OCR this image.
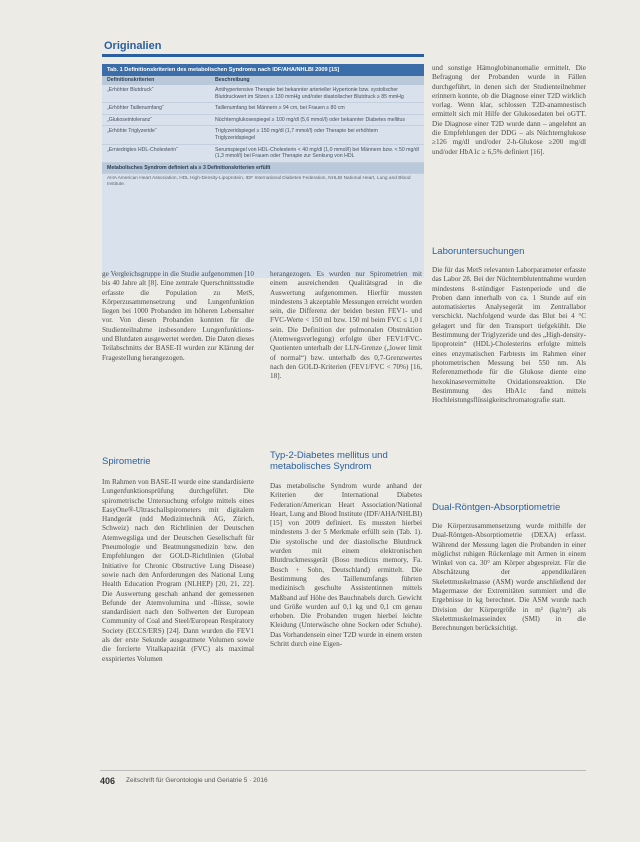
Originalien
Tab. 1 Definitionskriterien des metabolischen Syndroms nach IDF/AHA/NHLBI 2009 [15]
Definitionskriterien	Beschreibung
„Erhöhter Blutdruck“	Antihypertensive Therapie bei bekannter arterieller Hypertonie bzw. systolischer Blutdruckwert im Sitzen ≥ 130 mmHg und/oder diastolischer Blutdruck ≥ 85 mmHg
„Erhöhter Taillenumfang“	Taillenumfang bei Männern ≥ 94 cm, bei Frauen ≥ 80 cm
„Glukoseintoleranz“	Nüchternglukosespiegel ≥ 100 mg/dl (5,6 mmol/l) oder bekannter Diabetes mellitus
„Erhöhte Triglyzeride“	Triglyzeridspiegel ≥ 150 mg/dl (1,7 mmol/l) oder Therapie bei erhöhtem Triglyzeridspiegel
„Erniedrigtes HDL-Cholesterin“	Serumspiegel von HDL-Cholesterin < 40 mg/dl (1,0 mmol/l) bei Männern bzw. < 50 mg/dl (1,3 mmol/l) bei Frauen oder Therapie zur Senkung von HDL
Metabolisches Syndrom definiert als ≥ 3 Definitionskriterien erfüllt
AHA American Heart Association, HDL High-Density-Lipoprotein, IDF International Diabetes Federation, NHLBI National Heart, Lung and Blood Institute.

und sonstige Hämoglobinanomalie ermittelt. Die Befragung der Probanden wurde in Fällen durchgeführt, in denen sich der Studienteilnehmer erinnern konnte, ob die Diagnose einer T2D wirklich vorlag. Wenn klar, schlossen T2D-anamnestisch ermittelt sich mit Hilfe der Glukosedaten bei oGTT. Die Diagnose einer T2D wurde dann – angelehnt an die Empfehlungen der DDG – als Nüchternglukose ≥126 mg/dl und/oder 2-h-Glukose ≥200 mg/dl und/oder HbA1c ≥ 6,5% definiert [16].

Laboruntersuchungen

Die für das MetS relevanten Laborparameter erfasste das Labor 28. Bei der Nüchternblutentnahme wurden mindestens 8-stündiger Fastenperiode und die Proben dann innerhalb von ca. 1 Stunde auf ein automatisiertes Analysegerät im Zentrallabor verschickt. Nachfolgend wurde das Blut bei 4 °C gelagert und für den Transport tiefgekühlt. Die Bestimmung der Triglyzeride und des „High-density-lipoprotein“ (HDL)-Cholesterins erfolgte mittels eines enzymatischen Farbtests im Rahmen einer photometrischen Messung bei 550 nm. Als Referenzmethode für die Glukose diente eine hexokinasevermittelte Oxidationsreaktion. Die Bestimmung des HbA1c fand mittels Hochleistungsflüssigkeitschromatografie statt.

ge Vergleichsgruppe in die Studie aufgenommen [10 bis 40 Jahre alt [8]. Eine zentrale Querschnittsstudie erfasste die Population zu MetS, Körperzusammensetzung und Lungenfunktion liegen bei 1000 Probanden im höheren Lebensalter vor. Von diesen Probanden konnten für die Studienteilnahme insbesondere Lungenfunktions- und Blutdaten ausgewertet werden. Die Daten dieses Teilabschnitts der BASE-II wurden zur Klärung der Fragestellung herangezogen.

Spirometrie

Im Rahmen von BASE-II wurde eine standardisierte Lungenfunktionsprüfung durchgeführt. Die spirometrische Untersuchung erfolgte mittels eines EasyOne®-Ultraschallspirometers mit digitalem Handgerät (ndd Medizintechnik AG, Zürich, Schweiz) nach den Richtlinien der Deutschen Atemwegsliga und der Deutschen Gesellschaft für Pneumologie und Beatmungsmedizin bzw. den Empfehlungen der GOLD-Richtlinien (Global Initiative for Chronic Obstructive Lung Disease) sowie nach den Anforderungen des National Lung Health Education Program (NLHEP) [20, 21, 22]. Die Auswertung geschah anhand der gemessenen Befunde der Atemvolumina und -flüsse, sowie standardisiert nach den Sollwerten der European Community of Coal and Steel/European Respiratory Society (ECCS/ERS) [24]. Dann wurden die FEV1 als der erste Sekunde ausgeatmete Volumen sowie die forcierte Vitalkapazität (FVC) als maximal exspiriertes Volumen

herangezogen. Es wurden nur Spirometrien mit einem ausreichenden Qualitätsgrad in die Auswertung aufgenommen. Hierfür mussten mindestens 3 akzeptable Messungen erreicht worden sein, die Differenz der beiden besten FEV1- und FVC-Werte < 150 ml bzw. 150 ml beim FVC ≤ 1,0 l sein. Die Definition der pulmonalen Obstruktion (Atemwegsverlegung) erfolgte über FEV1/FVC-Quotienten unterhalb der LLN-Grenze („lower limit of normal“) bzw. unterhalb des 0,7-Grenzwertes nach den GOLD-Kriterien (FEV1/FVC < 70%) [16, 18].

Typ-2-Diabetes mellitus und metabolisches Syndrom

Das metabolische Syndrom wurde anhand der Kriterien der International Diabetes Federation/American Heart Association/National Heart, Lung and Blood Institute (IDF/AHA/NHLBI) [15] von 2009 definiert. Es mussten hierbei mindestens 3 der 5 Merkmale erfüllt sein (Tab. 1). Die systolische und der diastolische Blutdruck wurden mit einem elektronischen Blutdruckmessgerät (Boso medicus memory, Fa. Bosch + Sohn, Deutschland) ermittelt. Die Bestimmung des Taillenumfangs führten medizinisch geschulte Assistentinnen mittels Maßband auf Höhe des Bauchnabels durch. Gewicht und Größe wurden auf 0,1 kg und 0,1 cm genau erhoben. Die Probanden trugen hierbei leichte Kleidung (Unterwäsche ohne Socken oder Schuhe). Das Vorhandensein einer T2D wurde in einem ersten Schritt durch eine Eigen-

Dual-Röntgen-Absorptiometrie

Die Körperzusammensetzung wurde mithilfe der Dual-Röntgen-Absorptiometrie (DEXA) erfasst. Während der Messung lagen die Probanden in einer möglichst ruhigen Rückenlage mit Armen in einem Winkel von ca. 30° am Körper abgespreizt. Für die Abschätzung der appendikulären Skelettmuskelmasse (ASM) wurde anschließend der Magermasse der Extremitäten summiert und die Ergebnisse in kg berechnet. Die ASM wurde nach Division der Körpergröße in m² (kg/m²) als Skelettmuskelmasseindex (SMI) in die Berechnungen berücksichtigt.

406 Zeitschrift für Gerontologie und Geriatrie 5 · 2016
